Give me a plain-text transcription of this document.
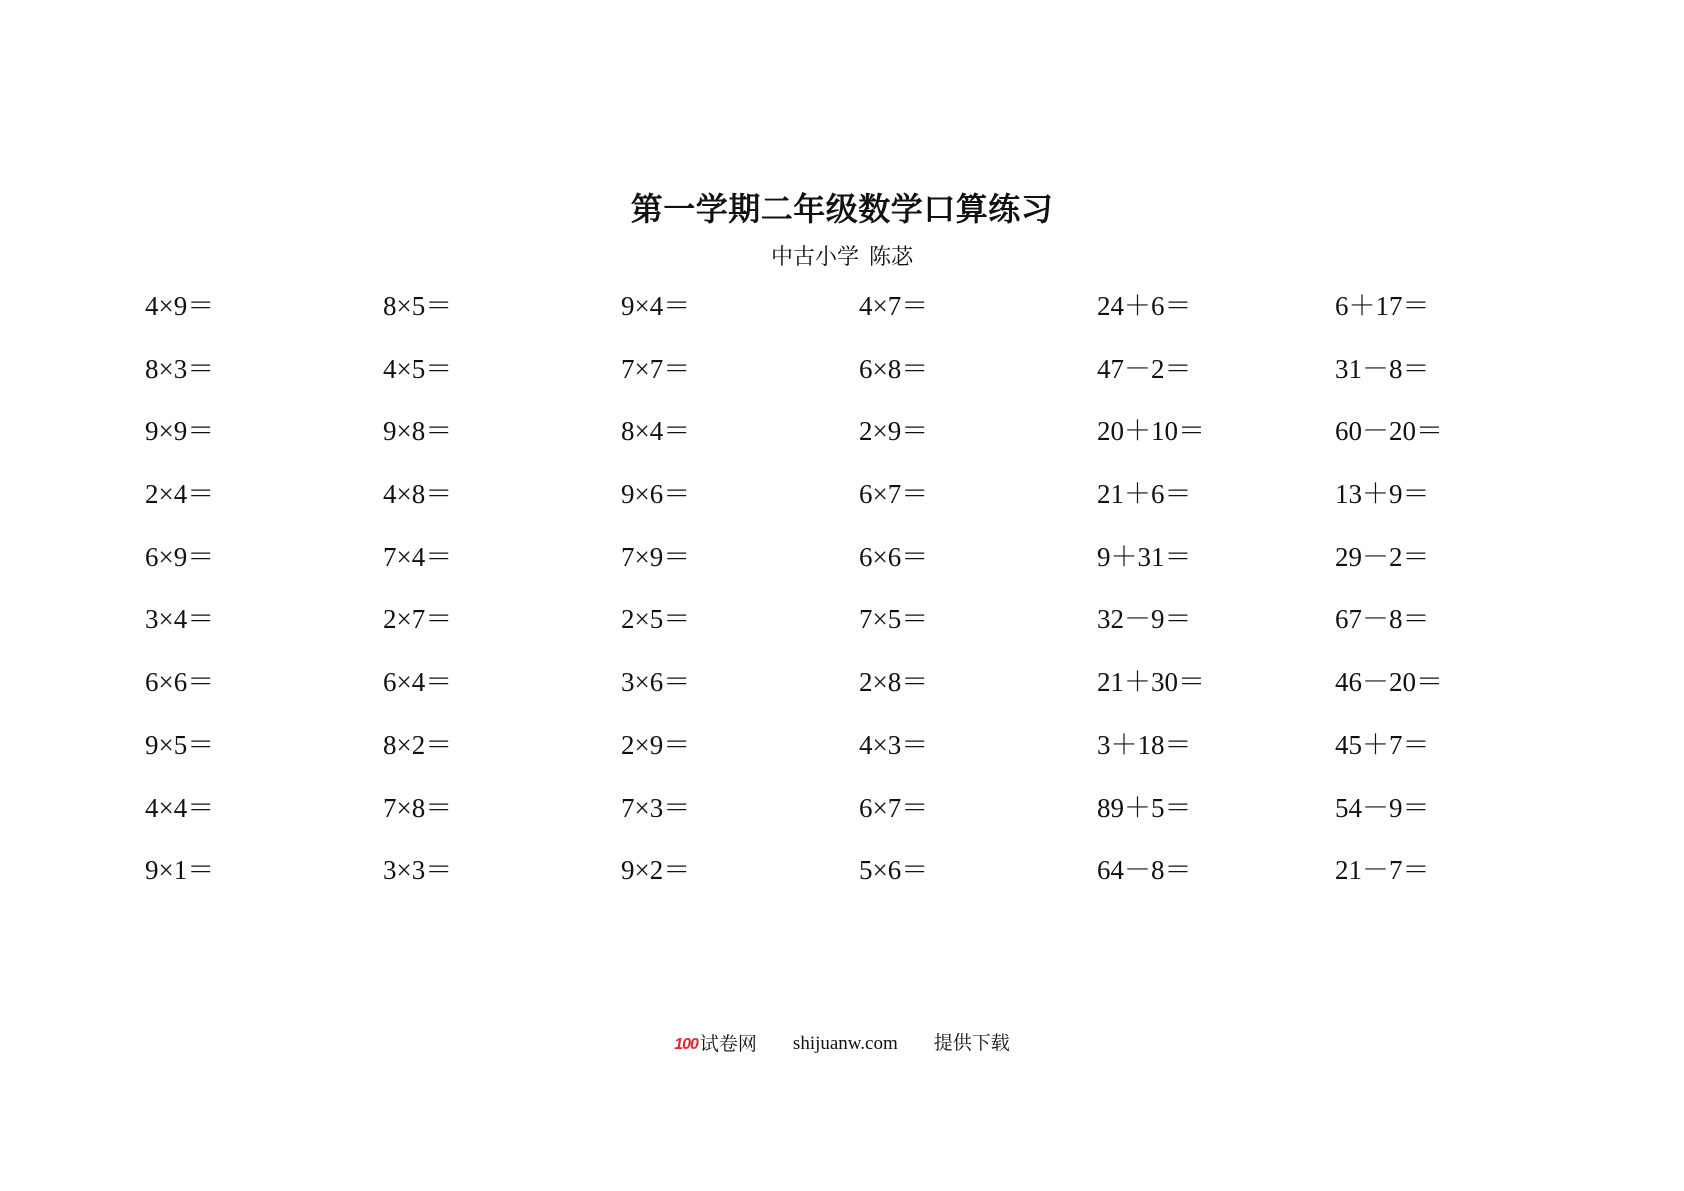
第一学期二年级数学口算练习
中古小学 陈苾
4×9＝	8×5＝	9×4＝	4×7＝	24＋6＝	6＋17＝
8×3＝	4×5＝	7×7＝	6×8＝	47－2＝	31－8＝
9×9＝	9×8＝	8×4＝	2×9＝	20＋10＝	60－20＝
2×4＝	4×8＝	9×6＝	6×7＝	21＋6＝	13＋9＝
6×9＝	7×4＝	7×9＝	6×6＝	9＋31＝	29－2＝
3×4＝	2×7＝	2×5＝	7×5＝	32－9＝	67－8＝
6×6＝	6×4＝	3×6＝	2×8＝	21＋30＝	46－20＝
9×5＝	8×2＝	2×9＝	4×3＝	3＋18＝	45＋7＝
4×4＝	7×8＝	7×3＝	6×7＝	89＋5＝	54－9＝
9×1＝	3×3＝	9×2＝	5×6＝	64－8＝	21－7＝
100 试卷网 shijuanw.com 提供下载
